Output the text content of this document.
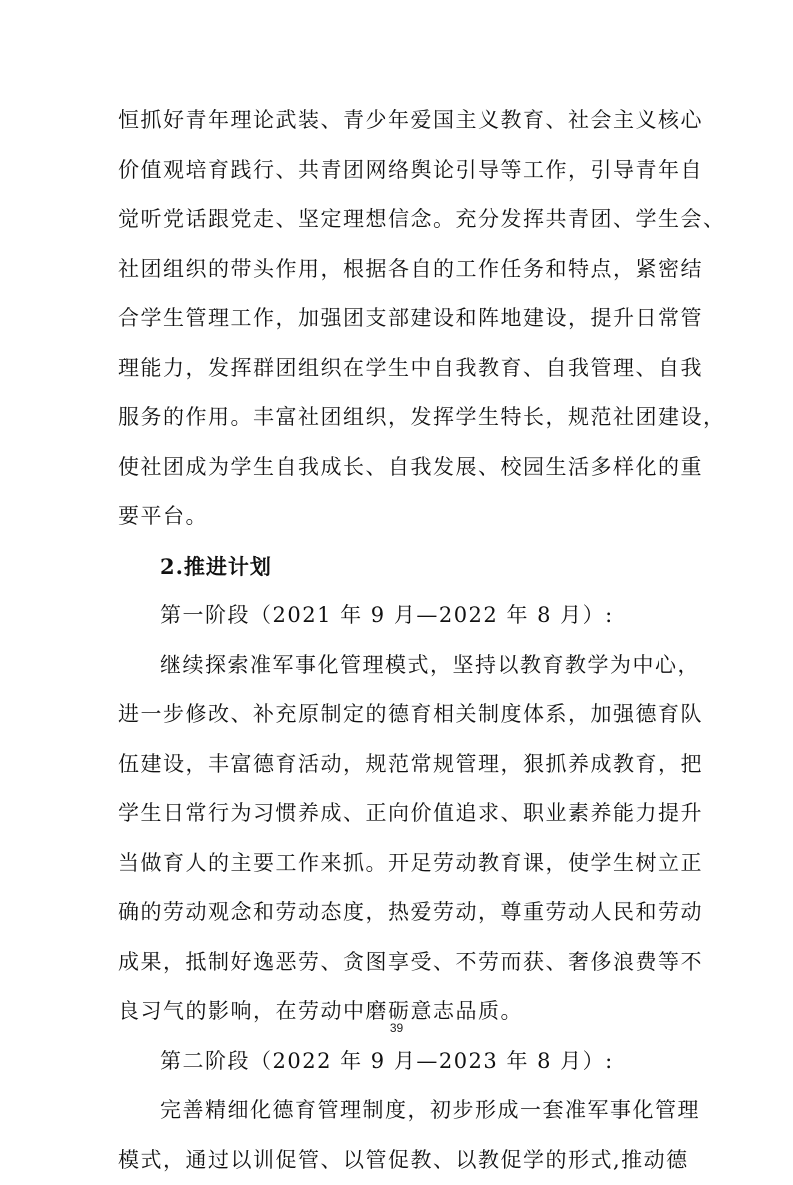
恒抓好青年理论武装、青少年爱国主义教育、社会主义核心
价值观培育践行、共青团网络舆论引导等工作，引导青年自
觉听党话跟党走、坚定理想信念。充分发挥共青团、学生会、
社团组织的带头作用，根据各自的工作任务和特点，紧密结
合学生管理工作，加强团支部建设和阵地建设，提升日常管
理能力，发挥群团组织在学生中自我教育、自我管理、自我
服务的作用。丰富社团组织，发挥学生特长，规范社团建设，
使社团成为学生自我成长、自我发展、校园生活多样化的重
要平台。
2.推进计划
第一阶段（2021 年 9 月—2022 年 8 月）:
继续探索准军事化管理模式，坚持以教育教学为中心，
进一步修改、补充原制定的德育相关制度体系，加强德育队
伍建设，丰富德育活动，规范常规管理，狠抓养成教育，把
学生日常行为习惯养成、正向价值追求、职业素养能力提升
当做育人的主要工作来抓。开足劳动教育课，使学生树立正
确的劳动观念和劳动态度，热爱劳动，尊重劳动人民和劳动
成果，抵制好逸恶劳、贪图享受、不劳而获、奢侈浪费等不
良习气的影响，在劳动中磨砺意志品质。
第二阶段（2022 年 9 月—2023 年 8 月）:
完善精细化德育管理制度，初步形成一套准军事化管理
模式，通过以训促管、以管促教、以教促学的形式,推动德
39
